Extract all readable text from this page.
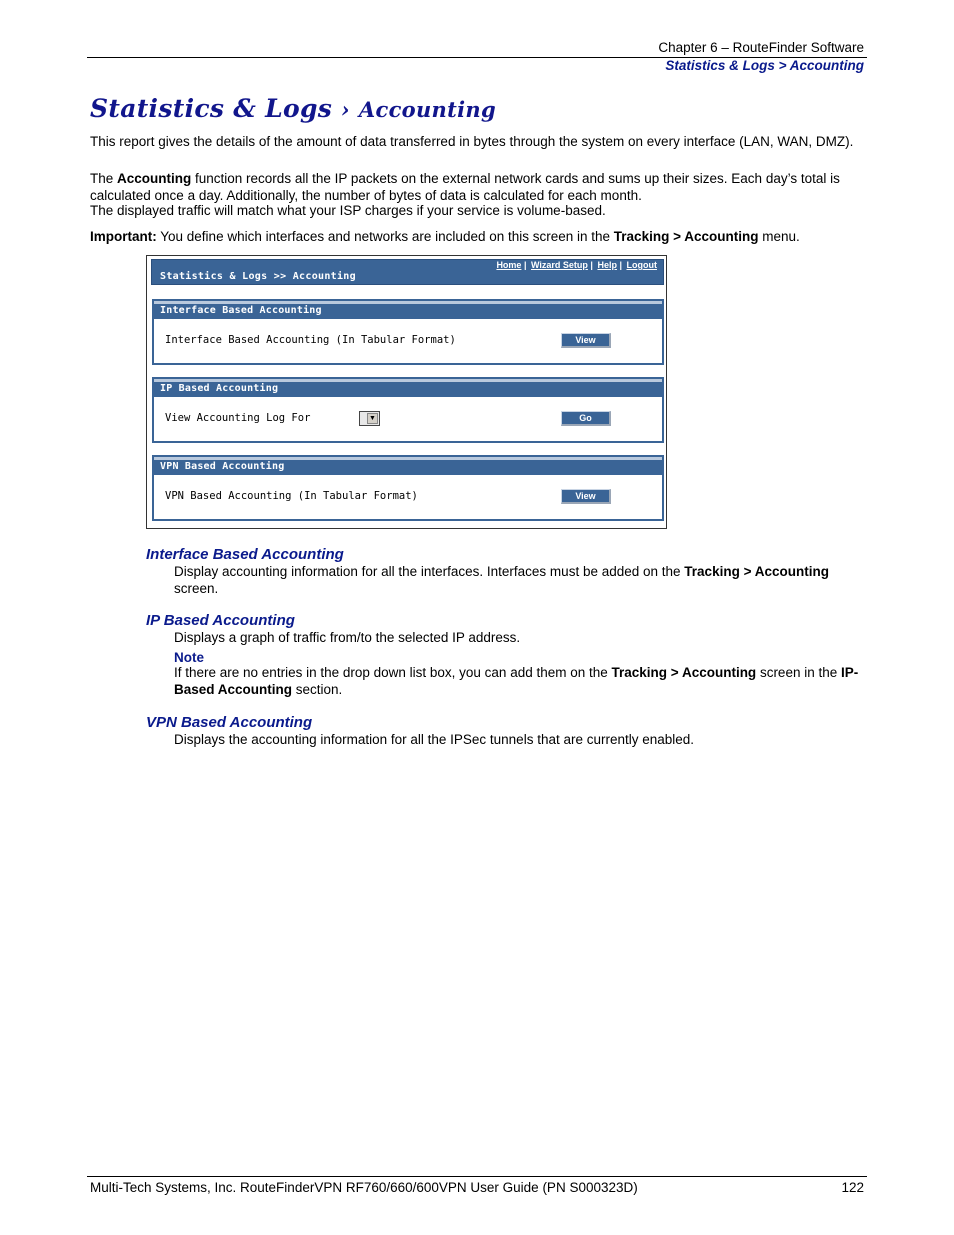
Chapter 6 – RouteFinder Software
Statistics & Logs > Accounting
Statistics & Logs › Accounting
This report gives the details of the amount of data transferred in bytes through the system on every interface (LAN, WAN, DMZ).
The Accounting function records all the IP packets on the external network cards and sums up their sizes. Each day’s total is calculated once a day. Additionally, the number of bytes of data is calculated for each month.
The displayed traffic will match what your ISP charges if your service is volume-based.
Important: You define which interfaces and networks are included on this screen in the Tracking > Accounting menu.
Home | Wizard Setup | Help | Logout
Statistics & Logs >> Accounting
Interface Based Accounting
Interface Based Accounting (In Tabular Format)	View
IP Based Accounting
View Accounting Log For	▼	Go
VPN Based Accounting
VPN Based Accounting (In Tabular Format)	View
Interface Based Accounting
Display accounting information for all the interfaces. Interfaces must be added on the Tracking > Accounting screen.
IP Based Accounting
Displays a graph of traffic from/to the selected IP address.
Note
If there are no entries in the drop down list box, you can add them on the Tracking > Accounting screen in the IP-Based Accounting section.
VPN Based Accounting
Displays the accounting information for all the IPSec tunnels that are currently enabled.
Multi-Tech Systems, Inc. RouteFinderVPN RF760/660/600VPN User Guide (PN S000323D)	122
